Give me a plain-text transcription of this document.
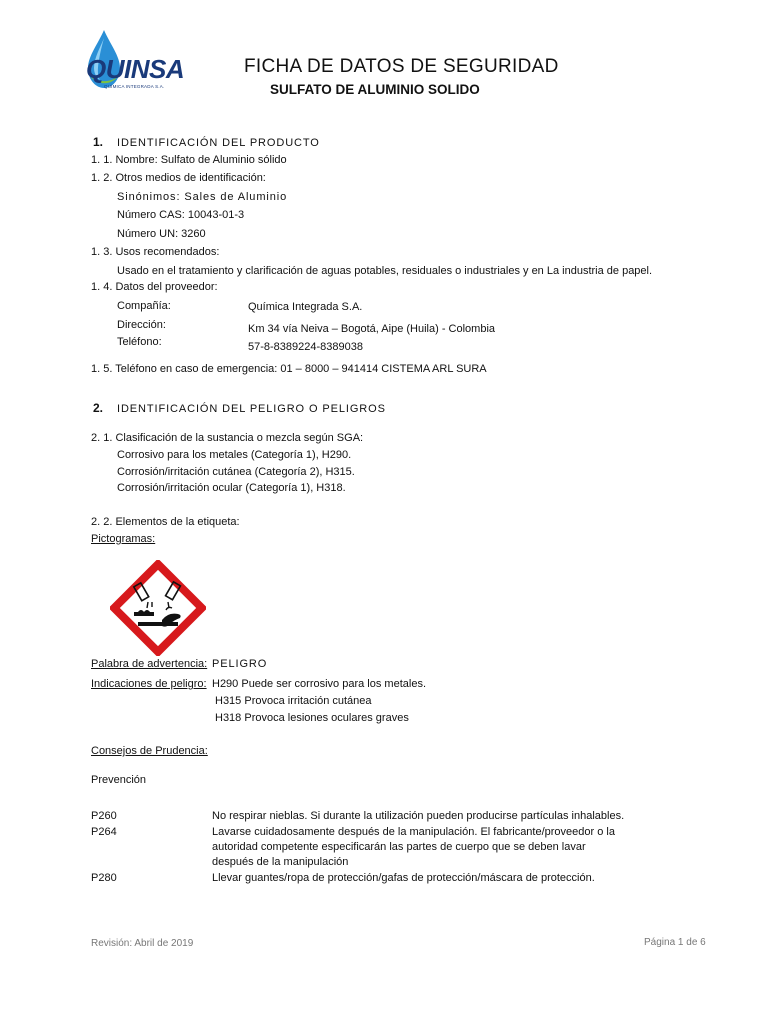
QUINSA
QUÍMICA INTEGRADA S.A.
FICHA DE DATOS DE SEGURIDAD
SULFATO DE ALUMINIO SOLIDO
1. IDENTIFICACIÓN DEL PRODUCTO
1. 1. Nombre: Sulfato de Aluminio sólido
1. 2. Otros medios de identificación:
Sinónimos: Sales de Aluminio
Número CAS: 10043-01-3
Número UN: 3260
1. 3. Usos recomendados:
Usado en el tratamiento y clarificación de aguas potables, residuales o industriales y en La industria de papel.
1. 4. Datos del proveedor:
Compañía:	Química Integrada S.A.
Dirección:	Km 34 vía Neiva – Bogotá, Aipe (Huila) - Colombia
Teléfono:	57-8-8389224-8389038
1. 5. Teléfono en caso de emergencia: 01 – 8000 – 941414 CISTEMA ARL SURA
2. IDENTIFICACIÓN DEL PELIGRO O PELIGROS
2. 1. Clasificación de la sustancia o mezcla según SGA:
Corrosivo para los metales (Categoría 1), H290.
Corrosión/irritación cutánea (Categoría 2), H315.
Corrosión/irritación ocular (Categoría 1), H318.
2. 2. Elementos de la etiqueta:
Pictogramas:
Palabra de advertencia: PELIGRO
Indicaciones de peligro: H290 Puede ser corrosivo para los metales.
H315 Provoca irritación cutánea
H318 Provoca lesiones oculares graves
Consejos de Prudencia:
Prevención
P260	No respirar nieblas. Si durante la utilización pueden producirse partículas inhalables.
P264	Lavarse cuidadosamente después de la manipulación. El fabricante/proveedor o la
autoridad competente especificarán las partes de cuerpo que se deben lavar
después de la manipulación
P280	Llevar guantes/ropa de protección/gafas de protección/máscara de protección.
Revisión: Abril de 2019	Página 1 de 6
